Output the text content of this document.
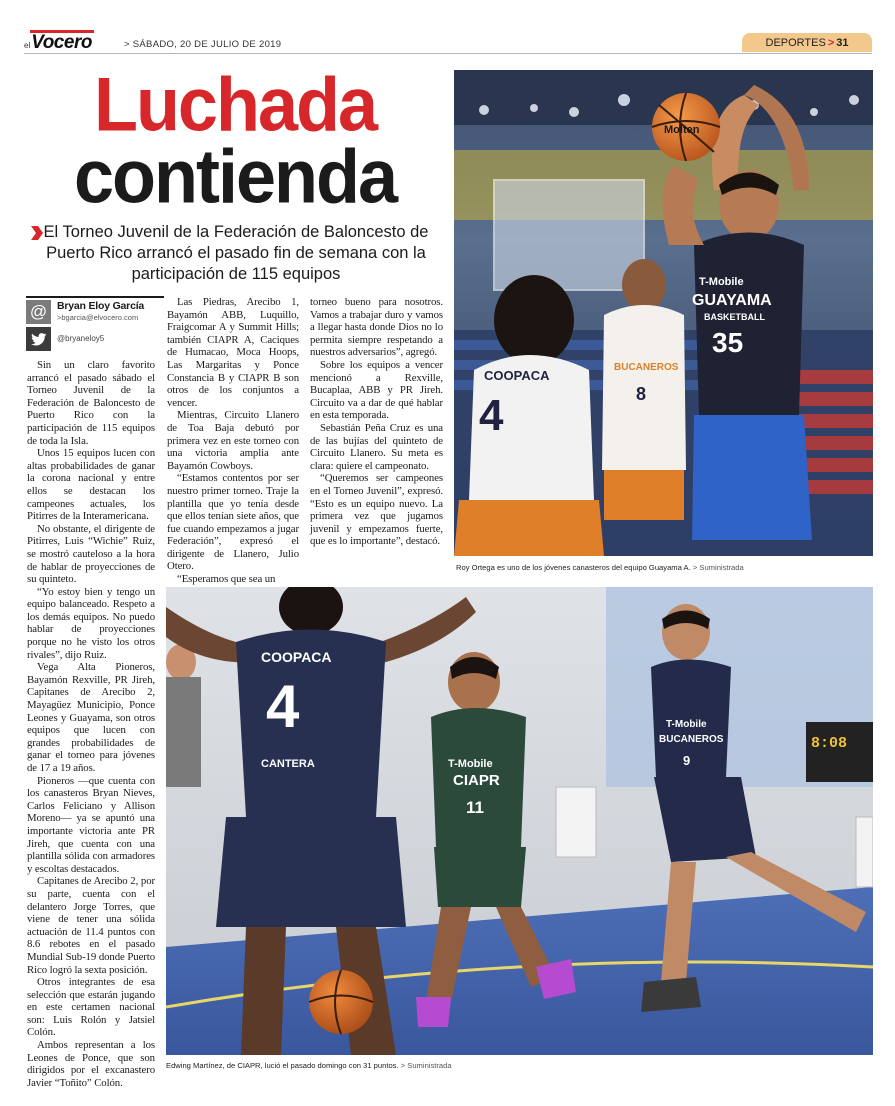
el Vocero	> SÁBADO, 20 DE JULIO DE 2019	DEPORTES > 31
Luchada
contienda
El Torneo Juvenil de la Federación de Baloncesto de Puerto Rico arrancó el pasado fin de semana con la participación de 115 equipos
@ Bryan Eloy García
>bgarcia@elvocero.com
@bryaneloy5

Sin un claro favorito arrancó el pasado sábado el Torneo Juvenil de la Federación de Baloncesto de Puerto Rico con la participación de 115 equipos de toda la Isla.

Unos 15 equipos lucen con altas probabilidades de ganar la corona nacional y entre ellos se destacan los campeones actuales, los Pitirres de la Interamericana.

No obstante, el dirigente de Pitirres, Luis “Wichie” Ruiz, se mostró cauteloso a la hora de hablar de proyecciones de su quinteto.

“Yo estoy bien y tengo un equipo balanceado. Respeto a los demás equipos. No puedo hablar de proyecciones porque no he visto los otros rivales”, dijo Ruiz.

Vega Alta Pioneros, Bayamón Rexville, PR Jireh, Capitanes de Arecibo 2, Mayagüez Municipio, Ponce Leones y Guayama, son otros equipos que lucen con grandes probabilidades de ganar el torneo para jóvenes de 17 a 19 años.

Pioneros —que cuenta con los canasteros Bryan Nieves, Carlos Feliciano y Allison Moreno— ya se apuntó una importante victoria ante PR Jireh, que cuenta con una plantilla sólida con armadores y escoltas destacados.

Capitanes de Arecibo 2, por su parte, cuenta con el delantero Jorge Torres, que viene de tener una sólida actuación de 11.4 puntos con 8.6 rebotes en el pasado Mundial Sub-19 donde Puerto Rico logró la sexta posición.

Otros integrantes de esa selección que estarán jugando en este certamen nacional son: Luis Rolón y Jatsiel Colón.

Ambos representan a los Leones de Ponce, que son dirigidos por el excanastero Javier “Toñito” Colón.

Las Piedras, Arecibo 1, Bayamón ABB, Luquillo, Fraigcomar A y Summit Hills; también CIAPR A, Caciques de Humacao, Moca Hoops, Las Margaritas y Ponce Constancia B y CIAPR B son otros de los conjuntos a vencer.

Mientras, Circuito Llanero de Toa Baja debutó por primera vez en este torneo con una victoria amplia ante Bayamón Cowboys.

“Estamos contentos por ser nuestro primer torneo. Traje la plantilla que yo tenía desde que ellos tenían siete años, que fue cuando empezamos a jugar Federación”, expresó el dirigente de Llanero, Julio Otero.

“Esperamos que sea un

torneo bueno para nosotros. Vamos a trabajar duro y vamos a llegar hasta donde Dios no lo permita siempre respetando a nuestros adversarios”, agregó.

Sobre los equipos a vencer mencionó a Rexville, Bucaplaa, ABB y PR Jireh. Circuito va a dar de qué hablar en esta temporada.

Sebastián Peña Cruz es una de las bujías del quinteto de Circuito Llanero. Su meta es clara: quiere el campeonato.

“Queremos ser campeones en el Torneo Juvenil”, expresó. “Esto es un equipo nuevo. La primera vez que jugamos juvenil y empezamos fuerte, que es lo importante”, destacó.

4
COOPACA
BUCANEROS
8
T-Mobile
GUAYAMA
BASKETBALL
35
Molten
Roy Ortega es uno de los jóvenes canasteros del equipo Guayama A. > Suministrada
8:08
COOPACA
4
CANTERA	T-Mobile
CIAPR
11
T-Mobile
BUCANEROS
9
Edwing Martínez, de CIAPR, lució el pasado domingo con 31 puntos. > Suministrada
